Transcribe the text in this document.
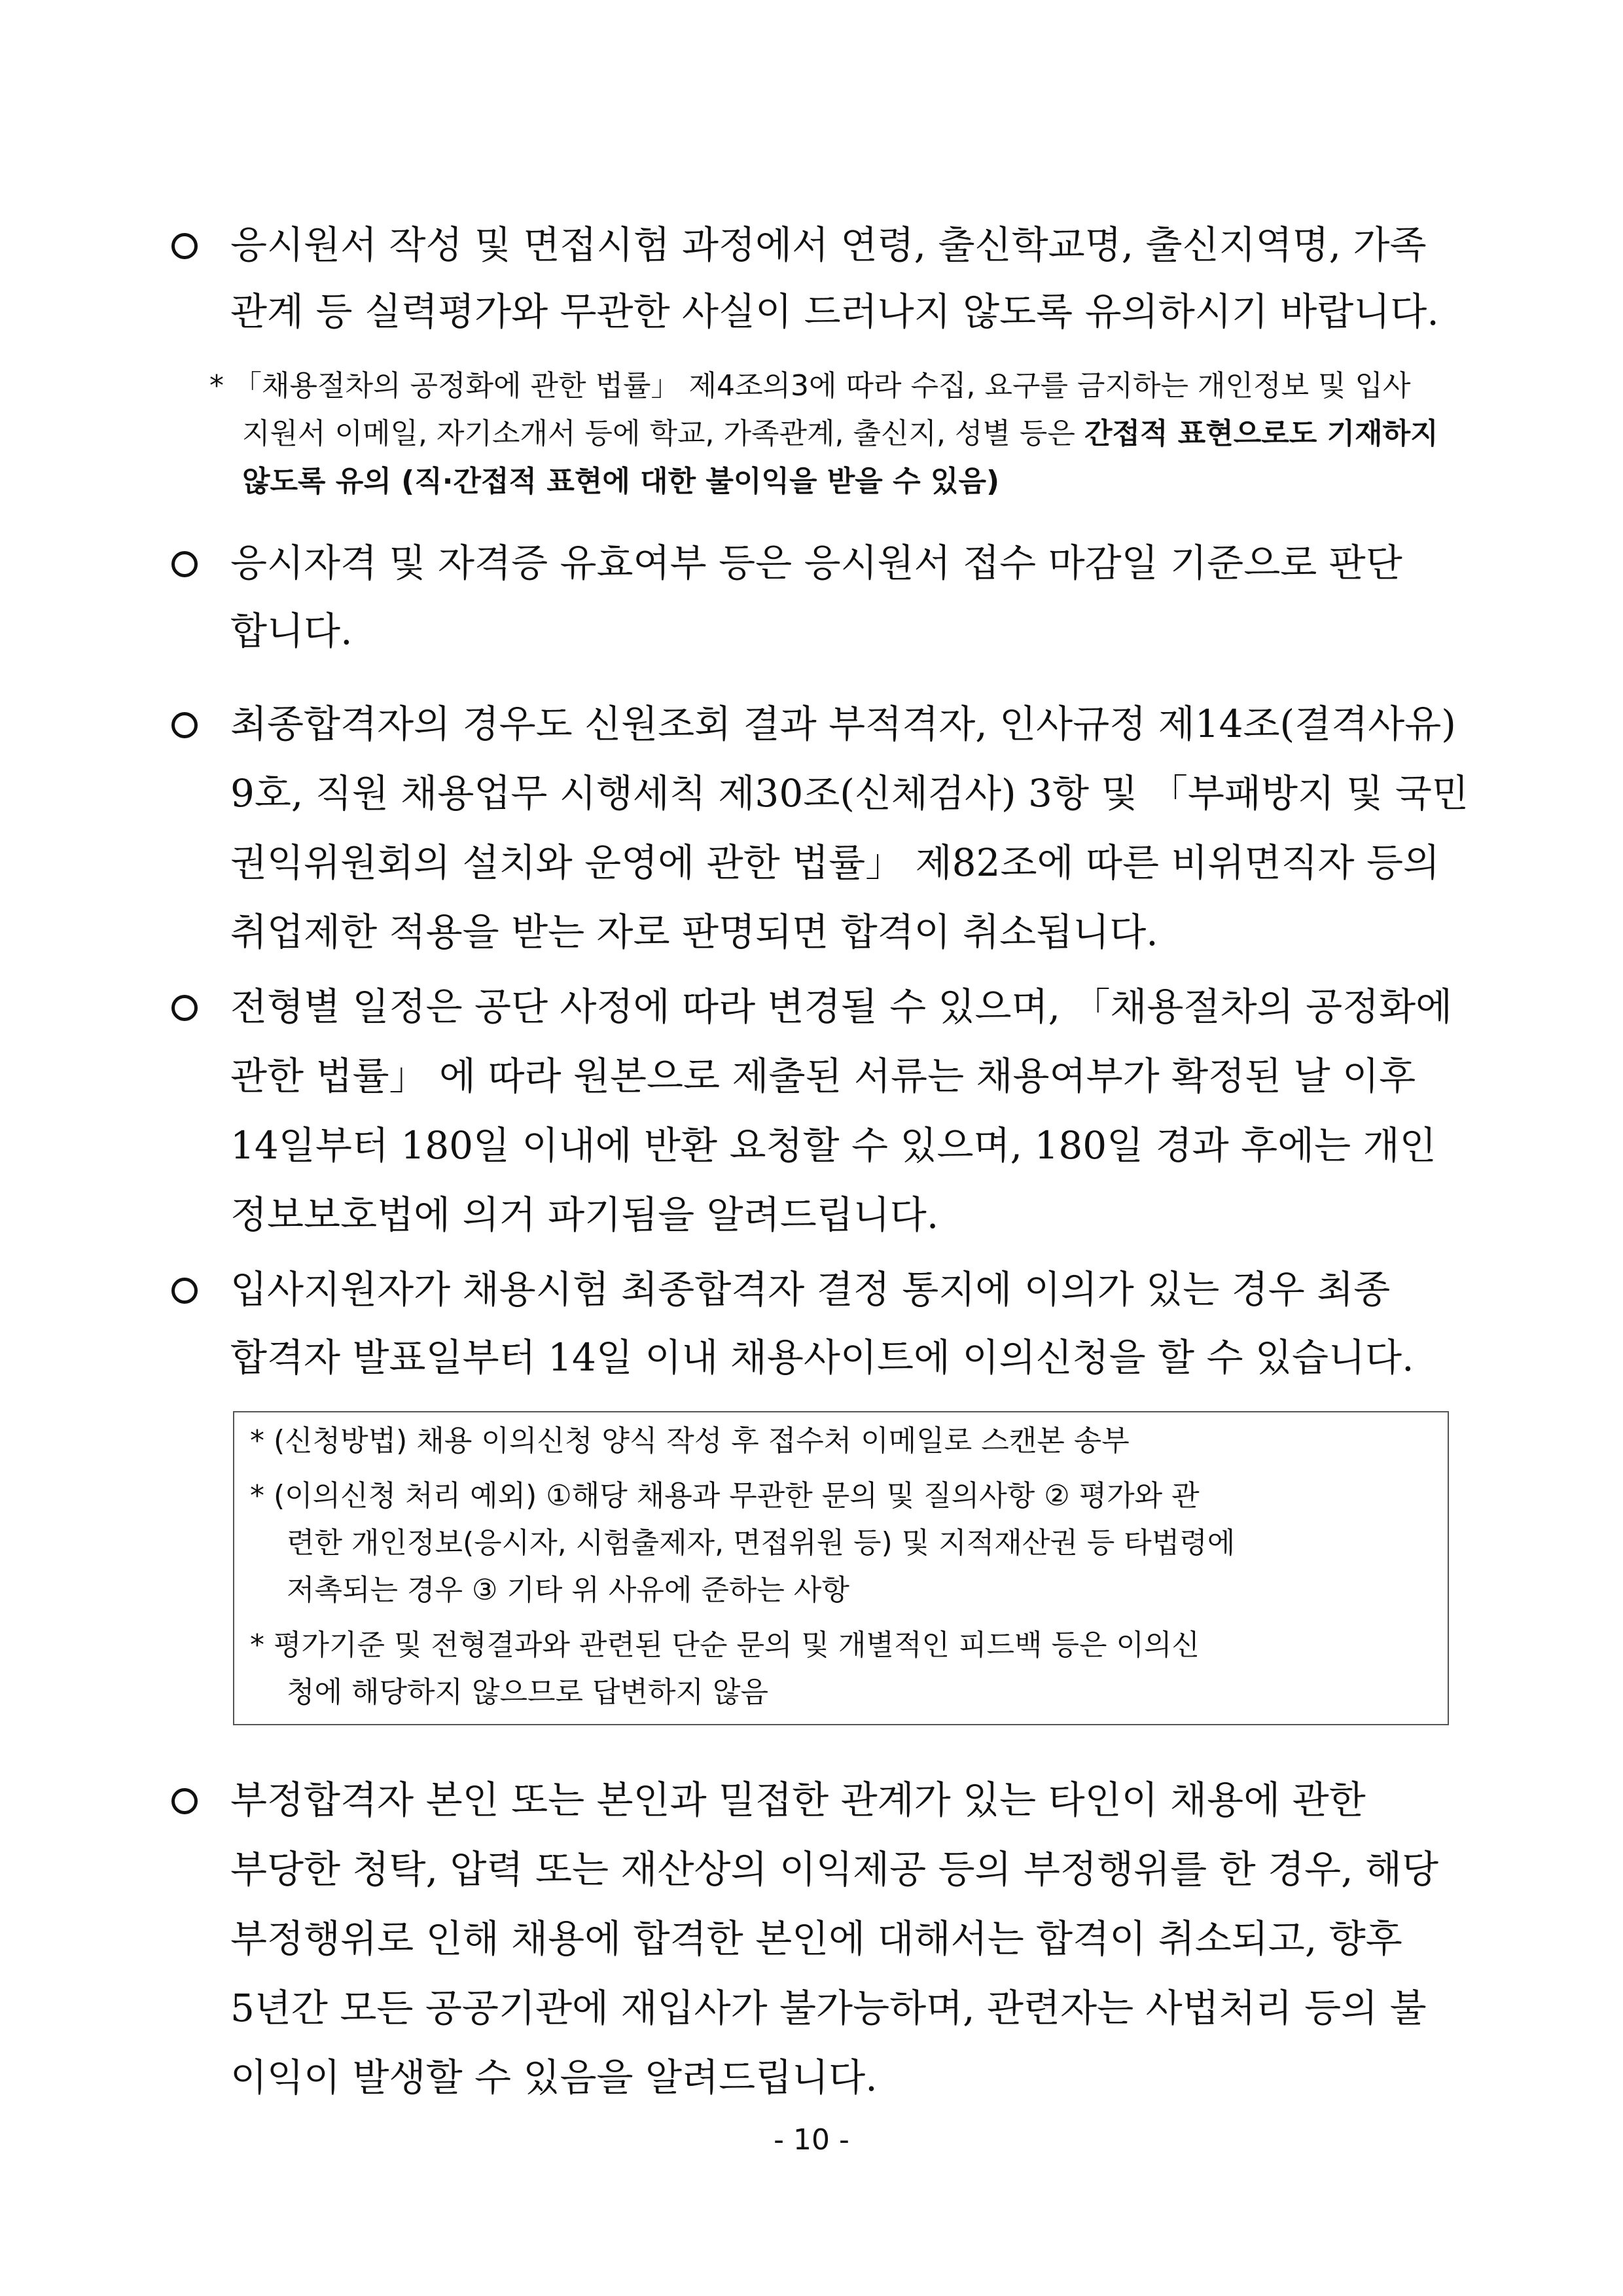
응시원서 작성 및 면접시험 과정에서 연령, 출신학교명, 출신지역명, 가족
관계 등 실력평가와 무관한 사실이 드러나지 않도록 유의하시기 바랍니다.
* 「채용절차의 공정화에 관한 법률」 제4조의3에 따라 수집, 요구를 금지하는 개인정보 및 입사
지원서 이메일, 자기소개서 등에 학교, 가족관계, 출신지, 성별 등은 간접적 표현으로도 기재하지
않도록 유의 (직·간접적 표현에 대한 불이익을 받을 수 있음)
응시자격 및 자격증 유효여부 등은 응시원서 접수 마감일 기준으로 판단
합니다.
최종합격자의 경우도 신원조회 결과 부적격자, 인사규정 제14조(결격사유)
9호, 직원 채용업무 시행세칙 제30조(신체검사) 3항 및 「부패방지 및 국민
권익위원회의 설치와 운영에 관한 법률」 제82조에 따른 비위면직자 등의
취업제한 적용을 받는 자로 판명되면 합격이 취소됩니다.
전형별 일정은 공단 사정에 따라 변경될 수 있으며, 「채용절차의 공정화에
관한 법률」 에 따라 원본으로 제출된 서류는 채용여부가 확정된 날 이후
14일부터 180일 이내에 반환 요청할 수 있으며, 180일 경과 후에는 개인
정보보호법에 의거 파기됨을 알려드립니다.
입사지원자가 채용시험 최종합격자 결정 통지에 이의가 있는 경우 최종
합격자 발표일부터 14일 이내 채용사이트에 이의신청을 할 수 있습니다.
* (신청방법) 채용 이의신청 양식 작성 후 접수처 이메일로 스캔본 송부
* (이의신청 처리 예외) ①해당 채용과 무관한 문의 및 질의사항 ② 평가와 관
련한 개인정보(응시자, 시험출제자, 면접위원 등) 및 지적재산권 등 타법령에
저촉되는 경우 ③ 기타 위 사유에 준하는 사항
* 평가기준 및 전형결과와 관련된 단순 문의 및 개별적인 피드백 등은 이의신
청에 해당하지 않으므로 답변하지 않음
부정합격자 본인 또는 본인과 밀접한 관계가 있는 타인이 채용에 관한
부당한 청탁, 압력 또는 재산상의 이익제공 등의 부정행위를 한 경우, 해당
부정행위로 인해 채용에 합격한 본인에 대해서는 합격이 취소되고, 향후
5년간 모든 공공기관에 재입사가 불가능하며, 관련자는 사법처리 등의 불
이익이 발생할 수 있음을 알려드립니다.
- 10 -
